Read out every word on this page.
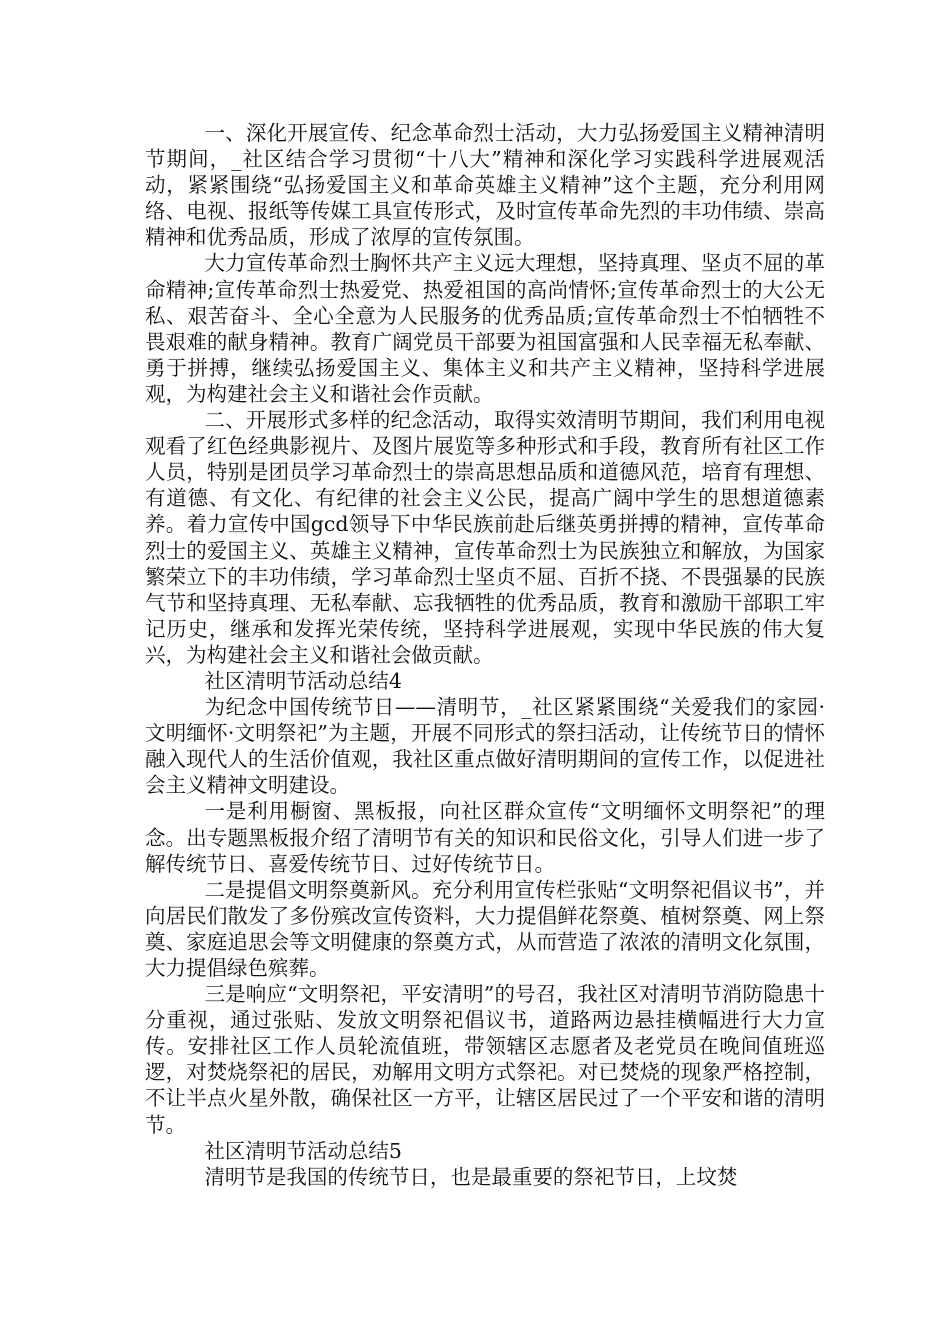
一、深化开展宣传、纪念革命烈士活动，大力弘扬爱国主义精神清明节期间，_社区结合学习贯彻“十八大”精神和深化学习实践科学进展观活动，紧紧围绕“弘扬爱国主义和革命英雄主义精神”这个主题，充分利用网络、电视、报纸等传媒工具宣传形式，及时宣传革命先烈的丰功伟绩、崇高精神和优秀品质，形成了浓厚的宣传氛围。

大力宣传革命烈士胸怀共产主义远大理想，坚持真理、坚贞不屈的革命精神;宣传革命烈士热爱党、热爱祖国的高尚情怀;宣传革命烈士的大公无私、艰苦奋斗、全心全意为人民服务的优秀品质;宣传革命烈士不怕牺牲不畏艰难的献身精神。教育广阔党员干部要为祖国富强和人民幸福无私奉献、勇于拼搏，继续弘扬爱国主义、集体主义和共产主义精神，坚持科学进展观，为构建社会主义和谐社会作贡献。

二、开展形式多样的纪念活动，取得实效清明节期间，我们利用电视观看了红色经典影视片、及图片展览等多种形式和手段，教育所有社区工作人员，特别是团员学习革命烈士的崇高思想品质和道德风范，培育有理想、有道德、有文化、有纪律的社会主义公民，提高广阔中学生的思想道德素养。着力宣传中国gcd领导下中华民族前赴后继英勇拼搏的精神，宣传革命烈士的爱国主义、英雄主义精神，宣传革命烈士为民族独立和解放，为国家繁荣立下的丰功伟绩，学习革命烈士坚贞不屈、百折不挠、不畏强暴的民族气节和坚持真理、无私奉献、忘我牺牲的优秀品质，教育和激励干部职工牢记历史，继承和发挥光荣传统，坚持科学进展观，实现中华民族的伟大复兴，为构建社会主义和谐社会做贡献。

社区清明节活动总结4

为纪念中国传统节日——清明节，_社区紧紧围绕“关爱我们的家园·文明缅怀·文明祭祀”为主题，开展不同形式的祭扫活动，让传统节日的情怀融入现代人的生活价值观，我社区重点做好清明期间的宣传工作，以促进社会主义精神文明建设。

一是利用橱窗、黑板报，向社区群众宣传“文明缅怀文明祭祀”的理念。出专题黑板报介绍了清明节有关的知识和民俗文化，引导人们进一步了解传统节日、喜爱传统节日、过好传统节日。

二是提倡文明祭奠新风。充分利用宣传栏张贴“文明祭祀倡议书”，并向居民们散发了多份殡改宣传资料，大力提倡鲜花祭奠、植树祭奠、网上祭奠、家庭追思会等文明健康的祭奠方式，从而营造了浓浓的清明文化氛围，大力提倡绿色殡葬。

三是响应“文明祭祀，平安清明”的号召，我社区对清明节消防隐患十分重视，通过张贴、发放文明祭祀倡议书，道路两边悬挂横幅进行大力宣传。安排社区工作人员轮流值班，带领辖区志愿者及老党员在晚间值班巡逻，对焚烧祭祀的居民，劝解用文明方式祭祀。对已焚烧的现象严格控制，不让半点火星外散，确保社区一方平，让辖区居民过了一个平安和谐的清明节。

社区清明节活动总结5

清明节是我国的传统节日，也是最重要的祭祀节日，上坟焚
